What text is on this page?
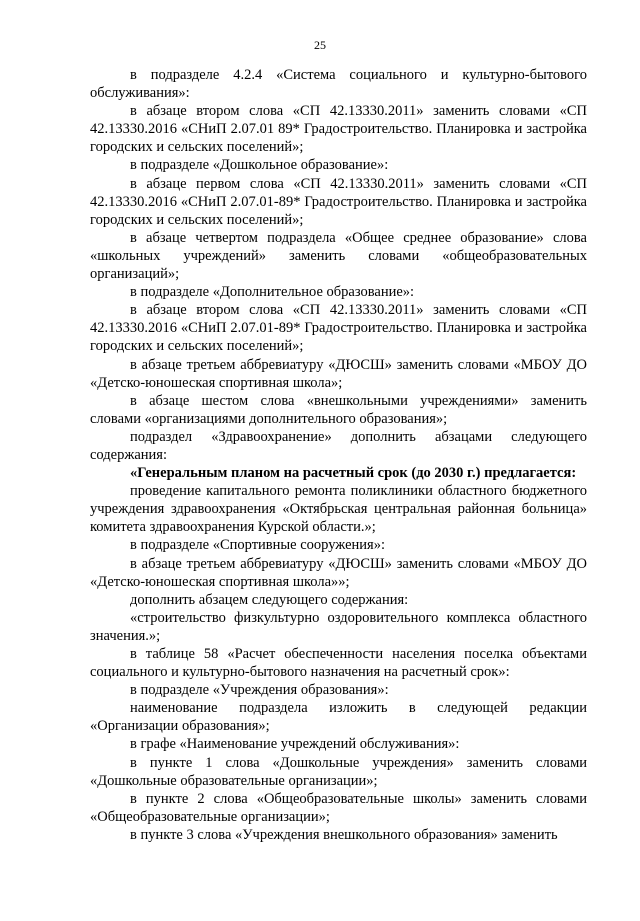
25

в подразделе 4.2.4 «Система социального и культурно-бытового обслуживания»:

в абзаце втором слова «СП 42.13330.2011» заменить словами «СП 42.13330.2016 «СНиП 2.07.01 89* Градостроительство. Планировка и застройка городских и сельских поселений»;

в подразделе «Дошкольное образование»:

в абзаце первом слова «СП 42.13330.2011» заменить словами «СП 42.13330.2016 «СНиП 2.07.01-89* Градостроительство. Планировка и застройка городских и сельских поселений»;

в абзаце четвертом подраздела «Общее среднее образование» слова «школьных учреждений» заменить словами «общеобразовательных организаций»;

в подразделе «Дополнительное образование»:

в абзаце втором слова «СП 42.13330.2011» заменить словами «СП 42.13330.2016 «СНиП 2.07.01-89* Градостроительство. Планировка и застройка городских и сельских поселений»;

в абзаце третьем аббревиатуру «ДЮСШ» заменить словами «МБОУ ДО «Детско-юношеская спортивная школа»;

в абзаце шестом слова «внешкольными учреждениями» заменить словами «организациями дополнительного образования»;

подраздел «Здравоохранение» дополнить абзацами следующего содержания:

«Генеральным планом на расчетный срок (до 2030 г.) предлагается:

проведение капитального ремонта поликлиники областного бюджетного учреждения здравоохранения «Октябрьская центральная районная больница» комитета здравоохранения Курской области.»;

в подразделе «Спортивные сооружения»:

в абзаце третьем аббревиатуру «ДЮСШ» заменить словами «МБОУ ДО «Детско-юношеская спортивная школа»»;

дополнить абзацем следующего содержания:

«строительство физкультурно оздоровительного комплекса областного значения.»;

в таблице 58 «Расчет обеспеченности населения поселка объектами социального и культурно-бытового назначения на расчетный срок»:

в подразделе «Учреждения образования»:

наименование подраздела изложить в следующей редакции «Организации образования»;

в графе «Наименование учреждений обслуживания»:

в пункте 1 слова «Дошкольные учреждения» заменить словами «Дошкольные образовательные организации»;

в пункте 2 слова «Общеобразовательные школы» заменить словами «Общеобразовательные организации»;

в пункте 3 слова «Учреждения внешкольного образования» заменить
